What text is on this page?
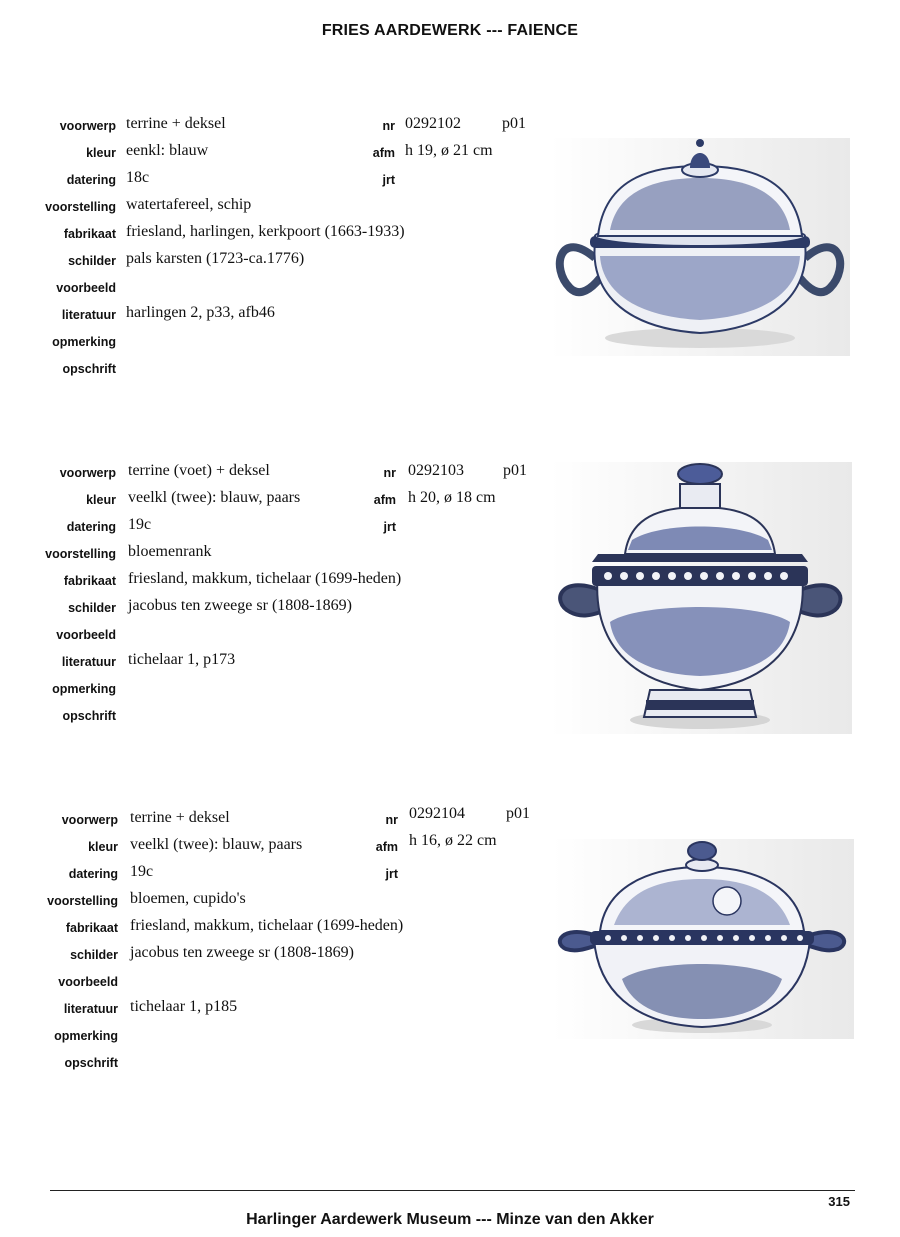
FRIES AARDEWERK --- FAIENCE
voorwerp
kleur
datering
voorstelling
fabrikaat
schilder
voorbeeld
literatuur
opmerking
opschrift
terrine + deksel
eenkl: blauw
18c
watertafereel, schip
friesland, harlingen, kerkpoort (1663-1933)
pals karsten (1723-ca.1776)
harlingen 2, p33, afb46
nr
afm
jrt
0292102	p01
h 19, ø 21 cm
voorwerp
kleur
datering
voorstelling
fabrikaat
schilder
voorbeeld
literatuur
opmerking
opschrift
terrine (voet) + deksel
veelkl (twee): blauw, paars
19c
bloemenrank
friesland, makkum, tichelaar (1699-heden)
jacobus ten zweege sr (1808-1869)
tichelaar 1, p173
nr
afm
jrt
0292103 p01
h 20, ø 18 cm
voorwerp
kleur
datering
voorstelling
fabrikaat
schilder
voorbeeld
literatuur
opmerking
opschrift
terrine + deksel
veelkl (twee): blauw, paars
19c
bloemen, cupido's
friesland, makkum, tichelaar (1699-heden)
jacobus ten zweege sr (1808-1869)
tichelaar 1, p185
nr
afm
jrt
0292104	p01
h 16, ø 22 cm
315
Harlinger Aardewerk Museum --- Minze van den Akker
